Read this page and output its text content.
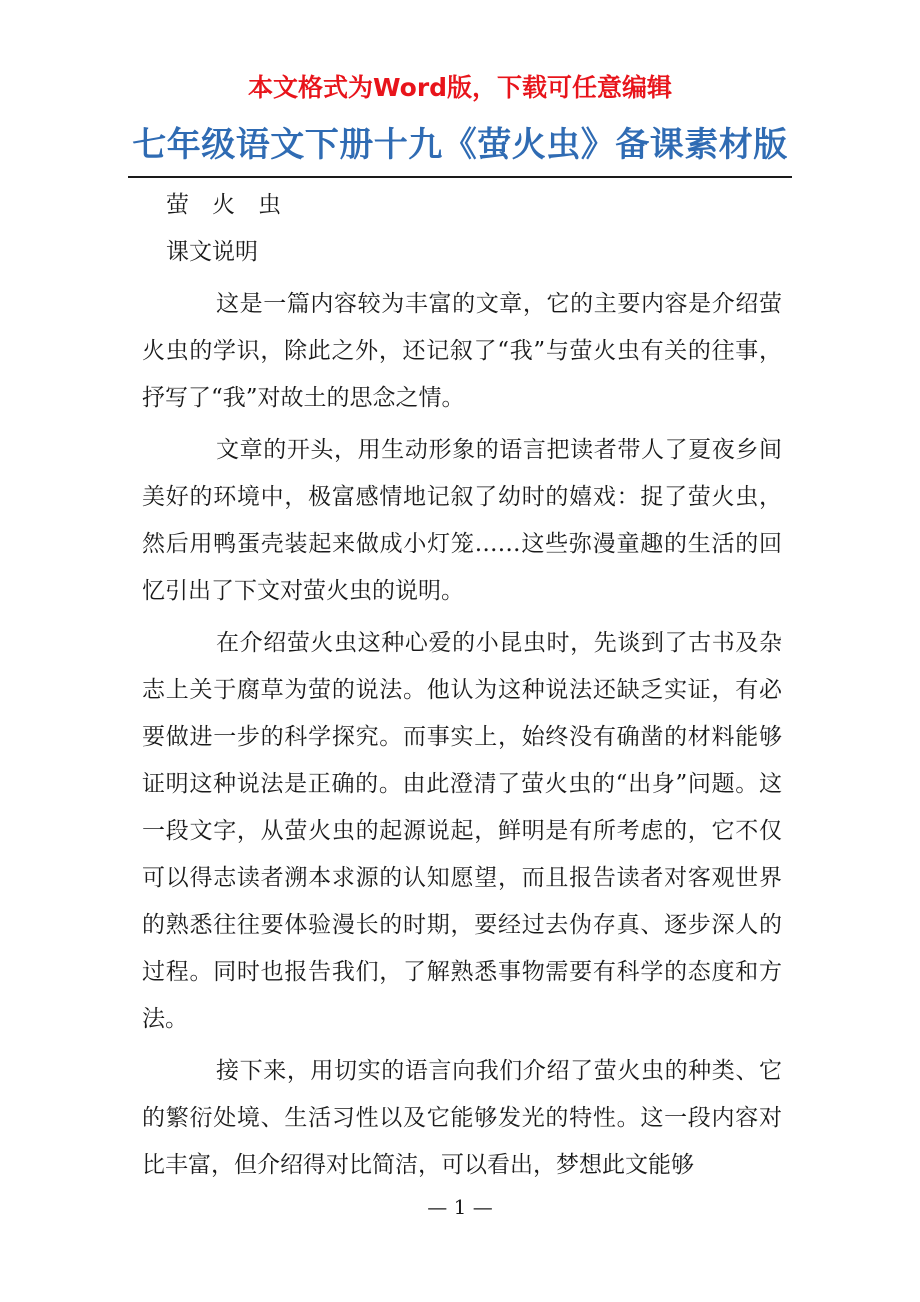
本文格式为Word版，下载可任意编辑
七年级语文下册十九《萤火虫》备课素材版

萤　火　虫

课文说明

这是一篇内容较为丰富的文章，它的主要内容是介绍萤火虫的学识，除此之外，还记叙了“我”与萤火虫有关的往事，抒写了“我”对故土的思念之情。

文章的开头，用生动形象的语言把读者带人了夏夜乡间美好的环境中，极富感情地记叙了幼时的嬉戏：捉了萤火虫，然后用鸭蛋壳装起来做成小灯笼……这些弥漫童趣的生活的回忆引出了下文对萤火虫的说明。

在介绍萤火虫这种心爱的小昆虫时，先谈到了古书及杂志上关于腐草为萤的说法。他认为这种说法还缺乏实证，有必要做进一步的科学探究。而事实上，始终没有确凿的材料能够证明这种说法是正确的。由此澄清了萤火虫的“出身”问题。这一段文字，从萤火虫的起源说起，鲜明是有所考虑的，它不仅可以得志读者溯本求源的认知愿望，而且报告读者对客观世界的熟悉往往要体验漫长的时期，要经过去伪存真、逐步深人的过程。同时也报告我们，了解熟悉事物需要有科学的态度和方法。

接下来，用切实的语言向我们介绍了萤火虫的种类、它的繁衍处境、生活习性以及它能够发光的特性。这一段内容对比丰富，但介绍得对比简洁，可以看出，梦想此文能够

— 1 —
